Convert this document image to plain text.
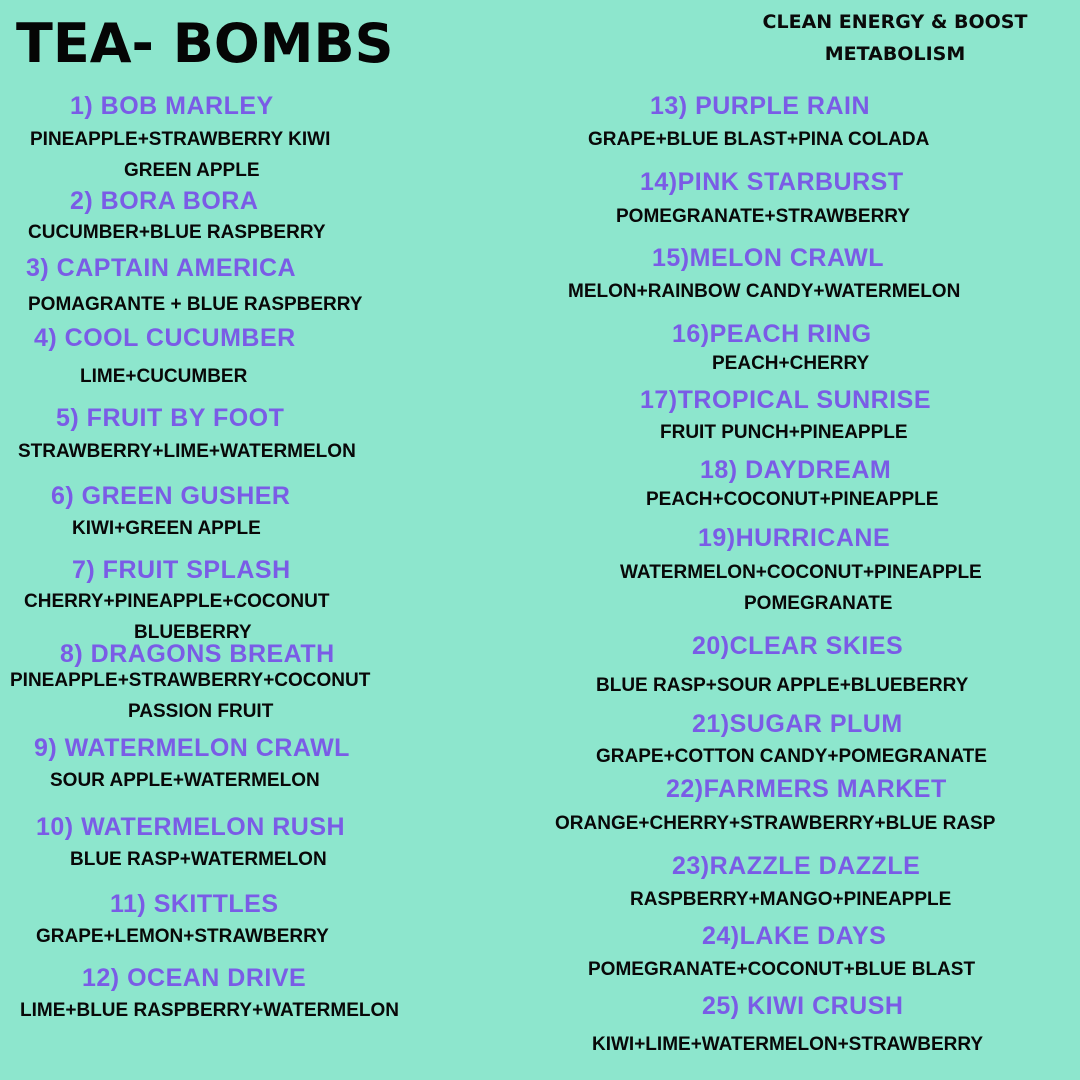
TEA- BOMBS	CLEAN ENERGY & BOOST
METABOLISM
1) BOB MARLEY
PINEAPPLE+STRAWBERRY KIWI
GREEN APPLE
2) BORA BORA
CUCUMBER+BLUE RASPBERRY
3) CAPTAIN AMERICA
POMAGRANTE + BLUE RASPBERRY
4) COOL CUCUMBER
LIME+CUCUMBER
5) FRUIT BY FOOT
STRAWBERRY+LIME+WATERMELON
6) GREEN GUSHER
KIWI+GREEN APPLE
7) FRUIT SPLASH
CHERRY+PINEAPPLE+COCONUT
BLUEBERRY
8) DRAGONS BREATH
PINEAPPLE+STRAWBERRY+COCONUT
PASSION FRUIT
9) WATERMELON CRAWL
SOUR APPLE+WATERMELON
10) WATERMELON RUSH
BLUE RASP+WATERMELON
11) SKITTLES
GRAPE+LEMON+STRAWBERRY
12) OCEAN DRIVE
LIME+BLUE RASPBERRY+WATERMELON
13) PURPLE RAIN
GRAPE+BLUE BLAST+PINA COLADA
14)PINK STARBURST
POMEGRANATE+STRAWBERRY
15)MELON CRAWL
MELON+RAINBOW CANDY+WATERMELON
16)PEACH RING
PEACH+CHERRY
17)TROPICAL SUNRISE
FRUIT PUNCH+PINEAPPLE
18) DAYDREAM
PEACH+COCONUT+PINEAPPLE
19)HURRICANE
WATERMELON+COCONUT+PINEAPPLE
POMEGRANATE
20)CLEAR SKIES
BLUE RASP+SOUR APPLE+BLUEBERRY
21)SUGAR PLUM
GRAPE+COTTON CANDY+POMEGRANATE
22)FARMERS MARKET
ORANGE+CHERRY+STRAWBERRY+BLUE RASP
23)RAZZLE DAZZLE
RASPBERRY+MANGO+PINEAPPLE
24)LAKE DAYS
POMEGRANATE+COCONUT+BLUE BLAST
25) KIWI CRUSH
KIWI+LIME+WATERMELON+STRAWBERRY
